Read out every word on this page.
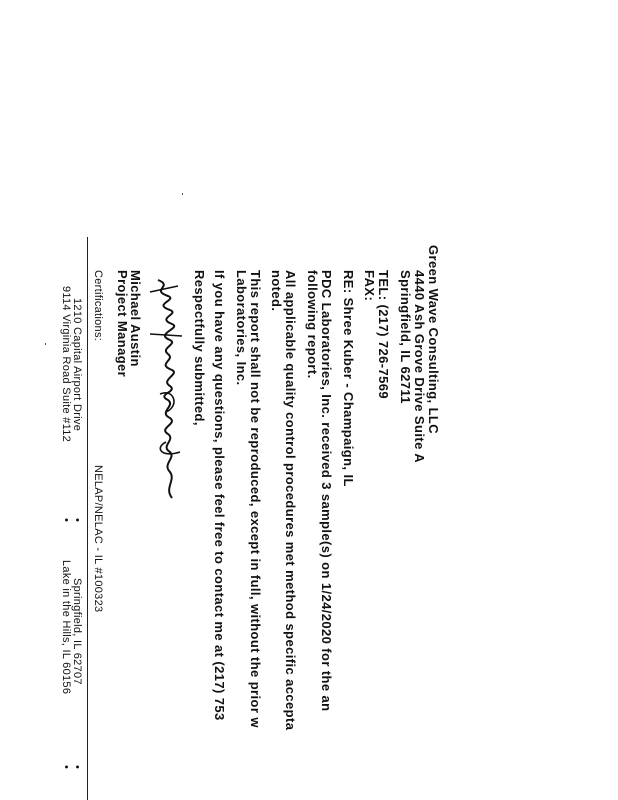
Green Wave Consulting, LLC
4440 Ash Grove Drive Suite A
Springfield, IL 62711
TEL: (217) 726-7569
FAX:
RE: Shree Kuber - Champaign, IL
PDC Laboratories, Inc. received 3 sample(s) on 1/24/2020 for the an
following report.
All applicable quality control procedures met method specific accepta
noted.
This report shall not be reproduced, except in full, without the prior w
Laboratories, Inc.
If you have any questions, please feel free to contact me at (217) 753
Respectfully submitted,
Michael Austin
Project Manager
Certifications:
NELAP/NELAC - IL #100323
1210 Capital Airport Drive
•
Springfield, IL 62707
•
9114 Virginia Road Suite #112
•
Lake in the Hills, IL 60156
•
